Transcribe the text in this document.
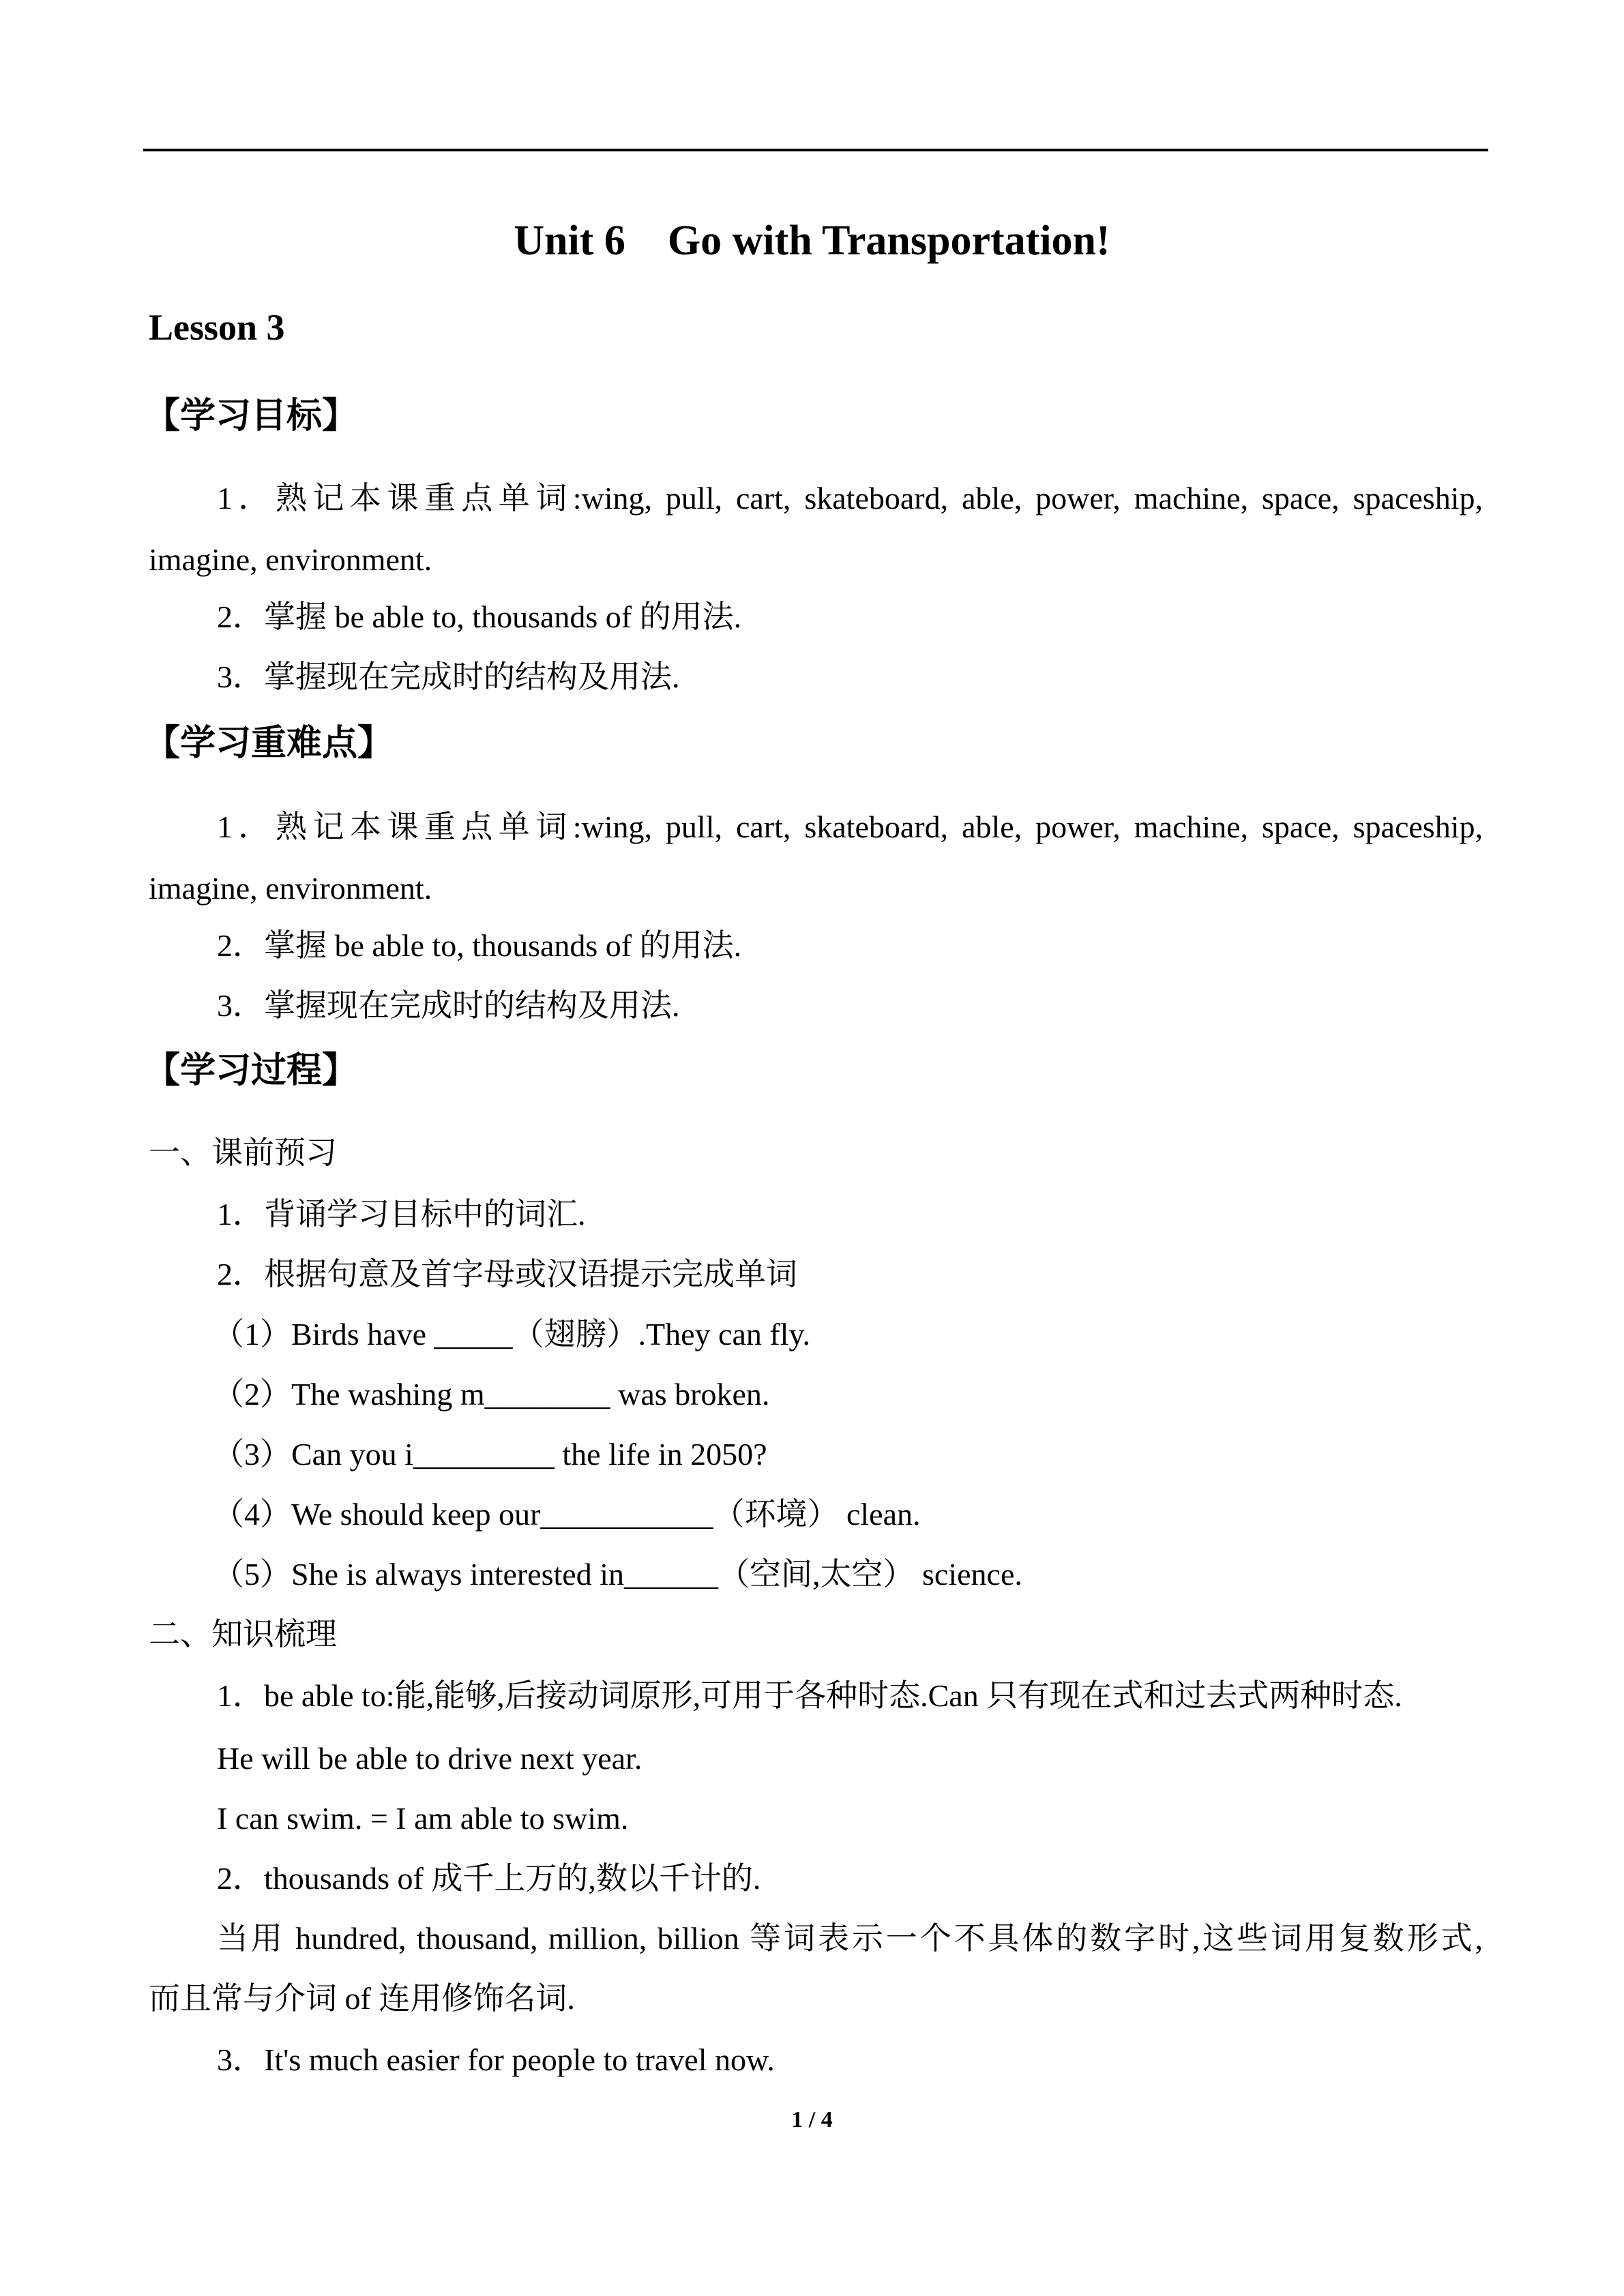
Unit 6    Go with Transportation!
Lesson 3
【学习目标】
1．熟记本课重点单词:wing, pull, cart, skateboard, able, power, machine, space, spaceship,
imagine, environment.
2．掌握 be able to, thousands of 的用法.
3．掌握现在完成时的结构及用法.
【学习重难点】
1．熟记本课重点单词:wing, pull, cart, skateboard, able, power, machine, space, spaceship,
imagine, environment.
2．掌握 be able to, thousands of 的用法.
3．掌握现在完成时的结构及用法.
【学习过程】
一、课前预习
1．背诵学习目标中的词汇.
2．根据句意及首字母或汉语提示完成单词
（1）Birds have _____（翅膀）.They can fly.
（2）The washing m________ was broken.
（3）Can you i_________ the life in 2050?
（4）We should keep our___________（环境） clean.
（5）She is always interested in______（空间,太空） science.
二、知识梳理
1．be able to:能,能够,后接动词原形,可用于各种时态.Can 只有现在式和过去式两种时态.
He will be able to drive next year.
I can swim. = I am able to swim.
2．thousands of 成千上万的,数以千计的.
当用 hundred, thousand, million, billion 等词表示一个不具体的数字时,这些词用复数形式,
而且常与介词 of 连用修饰名词.
3．It's much easier for people to travel now.
1 / 4
